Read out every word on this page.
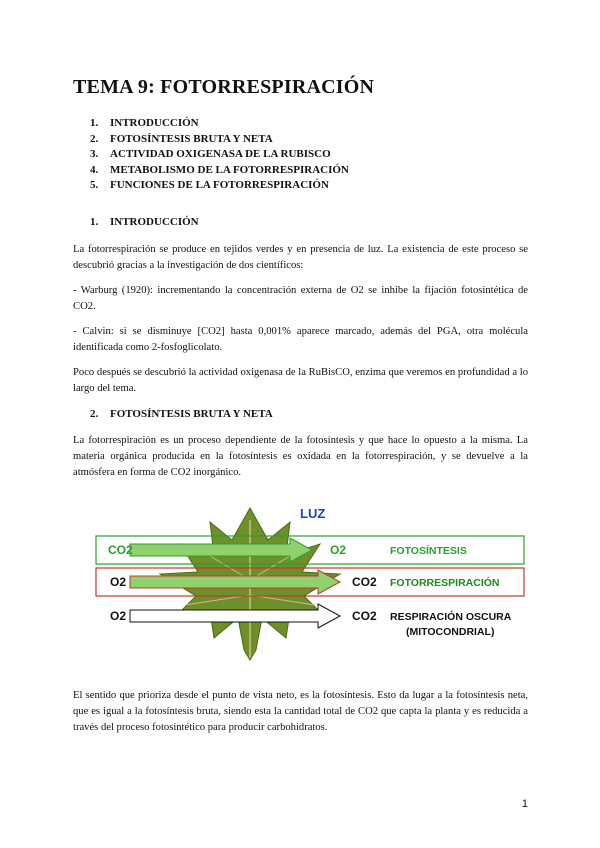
TEMA 9: FOTORRESPIRACIÓN
1.	INTRODUCCIÓN
2.	FOTOSÍNTESIS BRUTA Y NETA
3.	ACTIVIDAD OXIGENASA DE LA RUBISCO
4.	METABOLISMO DE LA FOTORRESPIRACIÓN
5.	FUNCIONES DE LA FOTORRESPIRACIÓN
1.	INTRODUCCIÓN

La fotorrespiración se produce en tejidos verdes y en presencia de luz. La existencia de este proceso se descubrió gracias a la investigación de dos científicos:

- Warburg (1920): incrementando la concentración externa de O2 se inhibe la fijación fotosintética de CO2.

- Calvin: si se disminuye [CO2] hasta 0,001% aparece marcado, además del PGA, otra molécula identificada como 2-fosfoglicolato.

Poco después se descubrió la actividad oxigenasa de la RuBisCO, enzima que veremos en profundidad a lo largo del tema.

2.	FOTOSÍNTESIS BRUTA Y NETA

La fotorrespiración es un proceso dependiente de la fotosíntesis y que hace lo opuesto a la misma. La materia orgánica producida en la fotosíntesis es oxidada en la fotorrespiración, y se devuelve a la atmósfera en forma de CO2 inorgánico.

LUZ
CO2	O2	FOTOSÍNTESIS
O2	CO2 FOTORRESPIRACIÓN
O2	CO2 RESPIRACIÓN OSCURA
(MITOCONDRIAL)

El sentido que prioriza desde el punto de vista neto, es la fotosíntesis. Esto da lugar a la fotosíntesis neta, que es igual a la fotosíntesis bruta, siendo esta la cantidad total de CO2 que capta la planta y es reducida a través del proceso fotosintético para producir carbohidratos.

1
